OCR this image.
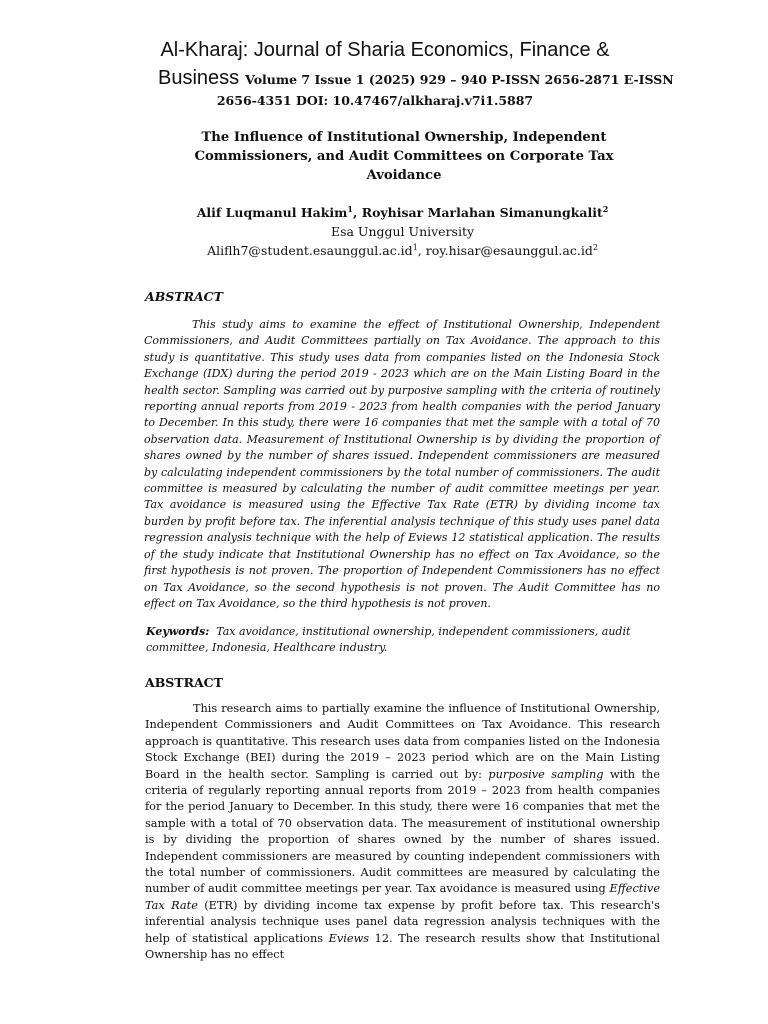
Al-Kharaj: Journal of Sharia Economics, Finance &
Business Volume 7 Issue 1 (2025) 929 – 940 P-ISSN 2656-2871 E-ISSN
2656-4351 DOI: 10.47467/alkharaj.v7i1.5887
The Influence of Institutional Ownership, Independent
Commissioners, and Audit Committees on Corporate Tax
Avoidance
Alif Luqmanul Hakim$^1$, Royhisar Marlahan Simanungkalit$^2$
Esa Unggul University
$Aliflh7@student.esaunggul.ac.id^1$, $roy.hisar@esaunggul.ac.id^2$
ABSTRACT

This study aims to examine the effect of Institutional Ownership, Independent Commissioners, and Audit Committees partially on Tax Avoidance. The approach to this study is quantitative. This study uses data from companies listed on the Indonesia Stock Exchange (IDX) during the period 2019 - 2023 which are on the Main Listing Board in the health sector. Sampling was carried out by purposive sampling with the criteria of routinely reporting annual reports from 2019 - 2023 from health companies with the period January to December. In this study, there were 16 companies that met the sample with a total of 70 observation data. Measurement of Institutional Ownership is by dividing the proportion of shares owned by the number of shares issued. Independent commissioners are measured by calculating independent commissioners by the total number of commissioners. The audit committee is measured by calculating the number of audit committee meetings per year. Tax avoidance is measured using the Effective Tax Rate (ETR) by dividing income tax burden by profit before tax. The inferential analysis technique of this study uses panel data regression analysis technique with the help of Eviews 12 statistical application. The results of the study indicate that Institutional Ownership has no effect on Tax Avoidance, so the first hypothesis is not proven. The proportion of Independent Commissioners has no effect on Tax Avoidance, so the second hypothesis is not proven. The Audit Committee has no effect on Tax Avoidance, so the third hypothesis is not proven.

Keywords: Tax avoidance, institutional ownership, independent commissioners, audit committee, Indonesia, Healthcare industry.

ABSTRACT

This research aims to partially examine the influence of Institutional Ownership, Independent Commissioners and Audit Committees on Tax Avoidance. This research approach is quantitative. This research uses data from companies listed on the Indonesia Stock Exchange (BEI) during the 2019 – 2023 period which are on the Main Listing Board in the health sector. Sampling is carried out by: purposive sampling with the criteria of regularly reporting annual reports from 2019 – 2023 from health companies for the period January to December. In this study, there were 16 companies that met the sample with a total of 70 observation data. The measurement of institutional ownership is by dividing the proportion of shares owned by the number of shares issued. Independent commissioners are measured by counting independent commissioners with the total number of commissioners. Audit committees are measured by calculating the number of audit committee meetings per year. Tax avoidance is measured using Effective Tax Rate (ETR) by dividing income tax expense by profit before tax. This research's inferential analysis technique uses panel data regression analysis techniques with the help of statistical applications Eviews 12. The research results show that Institutional Ownership has no effect
